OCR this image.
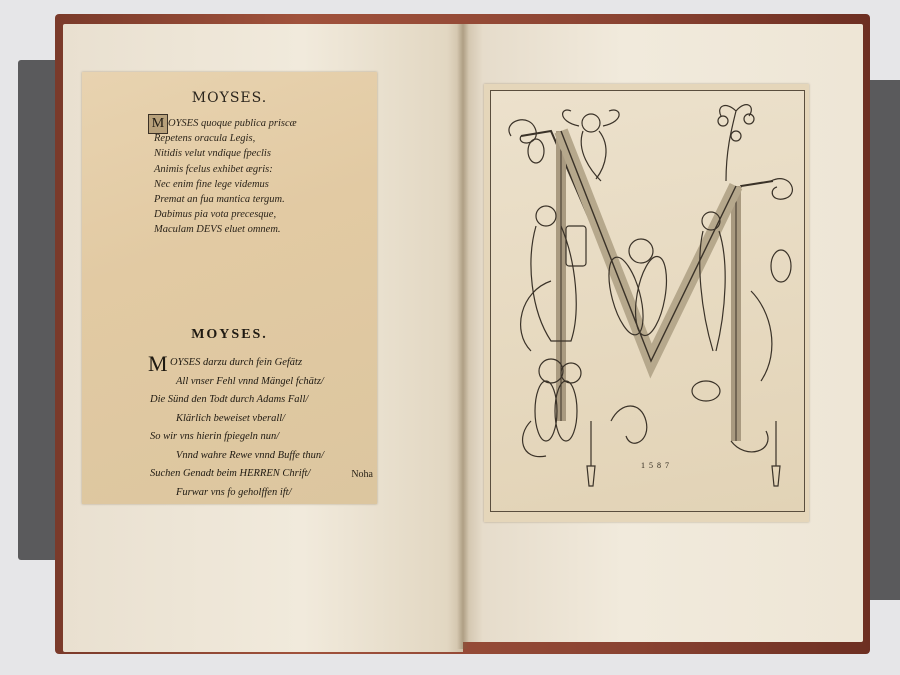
MOYSES.
M OYSES quoque publica priscæ
Repetens oracula Legis,
Nitidis velut vndique fpeclis
Animis fcelus exhibet ægris:
Nec enim fine lege videmus
Premat an fua mantica tergum.
Dabimus pia vota precesque,
Maculam DEVS eluet omnem.
MOYSES.
M OYSES darzu durch fein Gefätz
All vnser Fehl vnnd Mängel fchätz/
Die Sünd den Todt durch Adams Fall/
Klärlich beweiset vberall/
So wir vns hierin fpiegeln nun/
Vnnd wahre Rewe vnnd Buffe thun/
Suchen Genadt beim HERREN Chrift/
Furwar vns fo geholffen ift/
Noha
1 5 8 7
